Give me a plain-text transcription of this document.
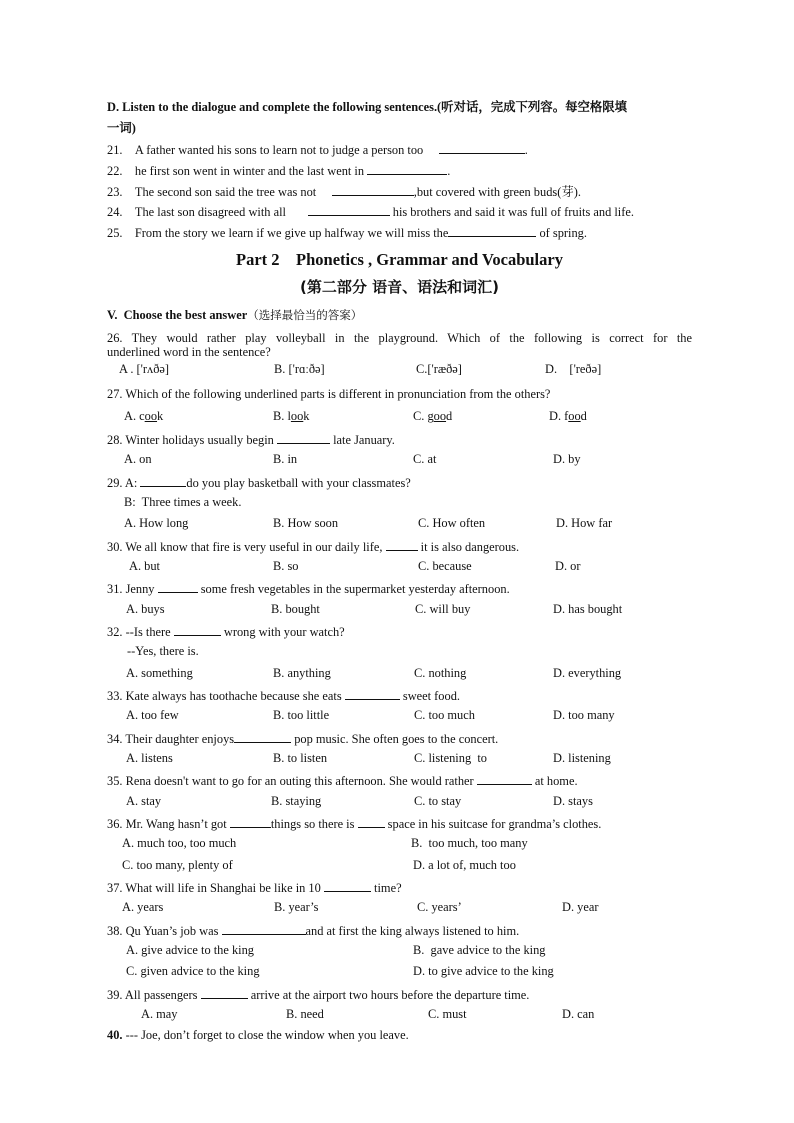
D. Listen to the dialogue and complete the following sentences.(听对话，完成下列容。每空格限填
一词)
21. A father wanted his sons to learn not to judge a person too	.
22. he first son went in winter and the last went in	.
23. The second son said the tree was not	,but covered with green buds(芽).
24. The last son disagreed with all	his brothers and said it was full of fruits and life.
25. From the story we learn if we give up halfway we will miss the	of spring.
Part 2    Phonetics , Grammar and Vocabulary
(第二部分 语音、语法和词汇)
V.  Choose the best answer（选择最恰当的答案）
26. They would rather play volleyball in the playground. Which of the following is correct for the
underlined word in the sentence?
A . ['rʌðə]	B. ['rɑːðə]	C.['ræðə]	D.    ['reðə]
27. Which of the following underlined parts is different in pronunciation from the others?
A. cook	B. look	C. good	D. food
28. Winter holidays usually begin	late January.
A. on	B. in	C. at	D. by
29. A:	do you play basketball with your classmates?
B:  Three times a week.
A. How long	B. How soon	C. How often	D. How far
30. We all know that fire is very useful in our daily life,	it is also dangerous.
A. but	B. so	C. because	D. or
31. Jenny	some fresh vegetables in the supermarket yesterday afternoon.
A. buys	B. bought	C. will buy	D. has bought
32. --Is there	wrong with your watch?
--Yes, there is.
A. something	B. anything	C. nothing	D. everything
33. Kate always has toothache because she eats	sweet food.
A. too few	B. too little	C. too much	D. too many
34. Their daughter enjoys	pop music. She often goes to the concert.
A. listens	B. to listen	C. listening  to	D. listening
35. Rena doesn't want to go for an outing this afternoon. She would rather	at home.
A. stay	B. staying	C. to stay	D. stays
36. Mr. Wang hasn’t got	things so there is	space in his suitcase for grandma’s clothes.
A. much too, too much	B.  too much, too many
C. too many, plenty of	D. a lot of, much too
37. What will life in Shanghai be like in 10	time?
A. years	B. year’s	C. years’	D. year
38. Qu Yuan’s job was	and at first the king always listened to him.
A. give advice to the king	B.  gave advice to the king
C. given advice to the king	D. to give advice to the king
39. All passengers	arrive at the airport two hours before the departure time.
A. may	B. need	C. must	D. can
40. --- Joe, don’t forget to close the window when you leave.
